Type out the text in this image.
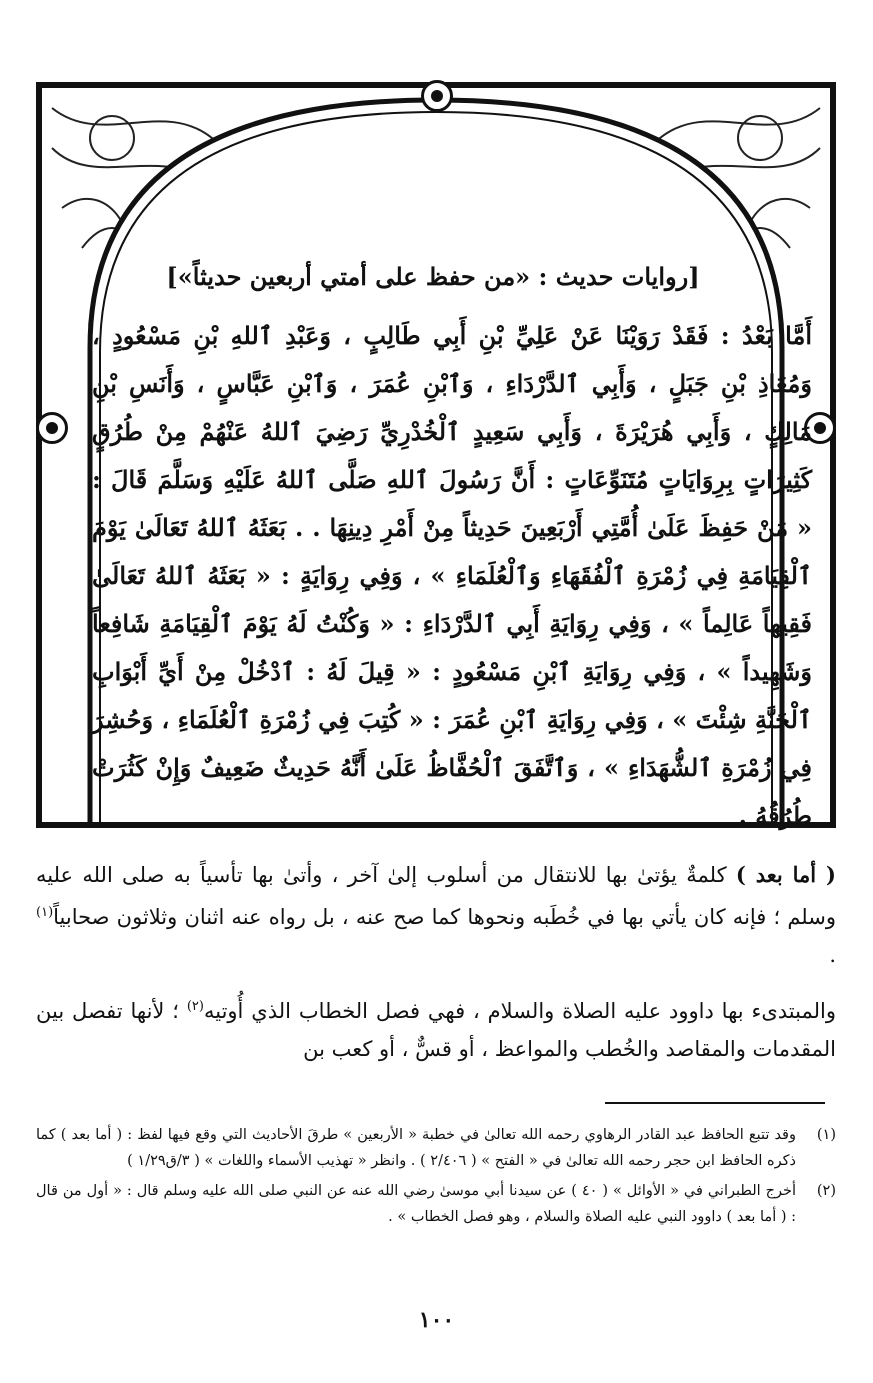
[روايات حديث : «من حفظ على أمتي أربعين حديثاً»]

أَمَّا بَعْدُ : فَقَدْ رَوَيْنَا عَنْ عَلِيِّ بْنِ أَبِي طَالِبٍ ، وَعَبْدِ ٱللهِ بْنِ مَسْعُودٍ ، وَمُعَاذِ بْنِ جَبَلٍ ، وَأَبِي ٱلدَّرْدَاءِ ، وَٱبْنِ عُمَرَ ، وَٱبْنِ عَبَّاسٍ ، وَأَنَسِ بْنِ مَالِكٍ ، وَأَبِي هُرَيْرَةَ ، وَأَبِي سَعِيدٍ ٱلْخُدْرِيِّ رَضِيَ ٱللهُ عَنْهُمْ مِنْ طُرُقٍ كَثِيرَاتٍ بِرِوَايَاتٍ مُتَنَوِّعَاتٍ : أَنَّ رَسُولَ ٱللهِ صَلَّى ٱللهُ عَلَيْهِ وَسَلَّمَ قَالَ : « مَنْ حَفِظَ عَلَىٰ أُمَّتِي أَرْبَعِينَ حَدِيثاً مِنْ أَمْرِ دِينِهَا . . بَعَثَهُ ٱللهُ تَعَالَىٰ يَوْمَ ٱلْقِيَامَةِ فِي زُمْرَةِ ٱلْفُقَهَاءِ وَٱلْعُلَمَاءِ » ، وَفِي رِوَايَةٍ : « بَعَثَهُ ٱللهُ تَعَالَىٰ فَقِيهاً عَالِماً » ، وَفِي رِوَايَةِ أَبِي ٱلدَّرْدَاءِ : « وَكُنْتُ لَهُ يَوْمَ ٱلْقِيَامَةِ شَافِعاً وَشَهِيداً » ، وَفِي رِوَايَةِ ٱبْنِ مَسْعُودٍ : « قِيلَ لَهُ : ٱدْخُلْ مِنْ أَيِّ أَبْوَابِ ٱلْجَنَّةِ شِئْتَ » ، وَفِي رِوَايَةِ ٱبْنِ عُمَرَ : « كُتِبَ فِي زُمْرَةِ ٱلْعُلَمَاءِ ، وَحُشِرَ فِي زُمْرَةِ ٱلشُّهَدَاءِ » ، وَٱتَّفَقَ ٱلْحُفَّاظُ عَلَىٰ أَنَّهُ حَدِيثٌ ضَعِيفٌ وَإِنْ كَثُرَتْ طُرُقُهُ .

( أما بعد ) كلمةٌ يؤتىٰ بها للانتقال من أسلوب إلىٰ آخر ، وأتىٰ بها تأسياً به صلى الله عليه وسلم ؛ فإنه كان يأتي بها في خُطَبه ونحوها كما صح عنه ، بل رواه عنه اثنان وثلاثون صحابياً$^{(١)}$ .

والمبتدىء بها داوود عليه الصلاة والسلام ، فهي فصل الخطاب الذي أُوتيه$^{(٢)}$ ؛ لأنها تفصل بين المقدمات والمقاصد والخُطب والمواعظ ، أو قسٌّ ، أو كعب بن

(١)
وقد تتبع الحافظ عبد القادر الرهاوي رحمه الله تعالىٰ في خطبة « الأربعين » طرقَ الأحاديث التي وقع فيها لفظ : ( أما بعد ) كما ذكره الحافظ ابن حجر رحمه الله تعالىٰ في « الفتح » ( ٢/٤٠٦ ) . وانظر « تهذيب الأسماء واللغات » ( ٣/ق١/٢٩ )
(٢)
أخرج الطبراني في « الأوائل » ( ٤٠ ) عن سيدنا أبي موسىٰ رضي الله عنه عن النبي صلى الله عليه وسلم قال : « أول من قال : ( أما بعد ) داوود النبي عليه الصلاة والسلام ، وهو فصل الخطاب » .
١٠٠
